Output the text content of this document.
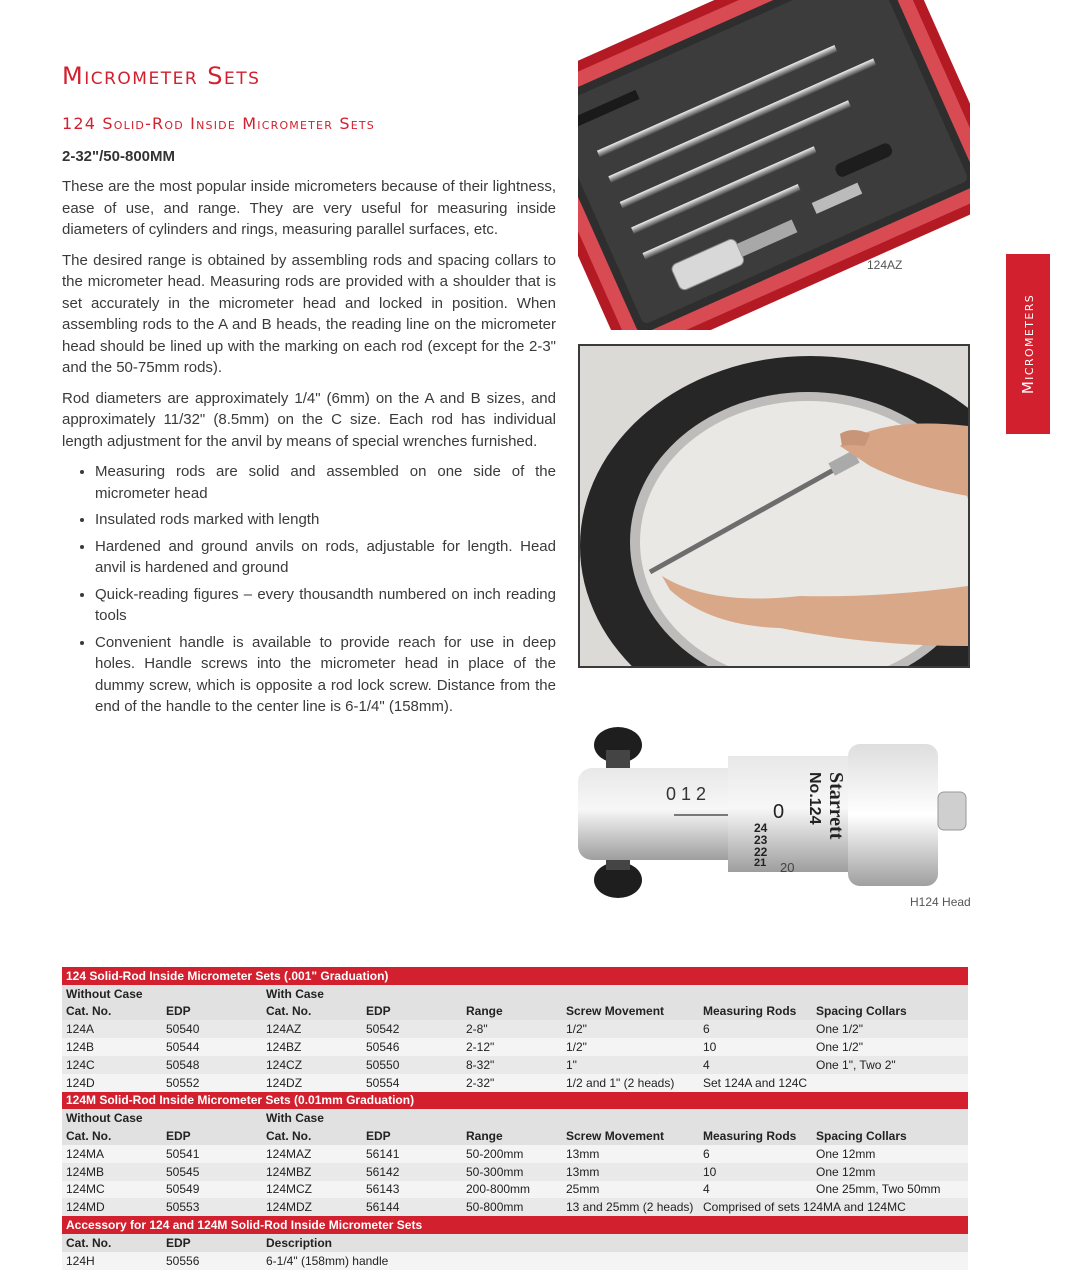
Micrometer Sets
124 Solid-Rod Inside Micrometer Sets
2-32"/50-800MM

These are the most popular inside micrometers because of their lightness, ease of use, and range. They are very useful for measuring inside diameters of cylinders and rings, measuring parallel surfaces, etc.

The desired range is obtained by assembling rods and spacing collars to the micrometer head. Measuring rods are provided with a shoulder that is set accurately in the micrometer head and locked in position. When assembling rods to the A and B heads, the reading line on the micrometer head should be lined up with the marking on each rod (except for the 2-3" and the 50-75mm rods).

Rod diameters are approximately 1/4" (6mm) on the A and B sizes, and approximately 11/32" (8.5mm) on the C size. Each rod has individual length adjustment for the anvil by means of special wrenches furnished.

• Measuring rods are solid and assembled on one side of the micrometer head
• Insulated rods marked with length
• Hardened and ground anvils on rods, adjustable for length. Head anvil is hardened and ground
• Quick-reading figures – every thousandth numbered on inch reading tools
• Convenient handle is available to provide reach for use in deep holes. Handle screws into the micrometer head in place of the dummy screw, which is opposite a rod lock screw. Distance from the end of the handle to the center line is 6-1/4" (158mm).
Micrometers
124AZ
0 1 2
0
24
23
22
21 20
Starrett
No.124
H124 Head
124 Solid-Rod Inside Micrometer Sets (.001" Graduation)							
Without Case		With Case					
Cat. No.	EDP	Cat. No.	EDP	Range	Screw Movement	Measuring Rods	Spacing Collars
124A	50540	124AZ	50542	2-8"	1/2"	6	One 1/2"
124B	50544	124BZ	50546	2-12"	1/2"	10	One 1/2"
124C	50548	124CZ	50550	8-32"	1"	4	One 1", Two 2"
124D	50552	124DZ	50554	2-32"	1/2 and 1" (2 heads)	Set 124A and 124C	
124M Solid-Rod Inside Micrometer Sets (0.01mm Graduation)							
Without Case		With Case					
Cat. No.	EDP	Cat. No.	EDP	Range	Screw Movement	Measuring Rods	Spacing Collars
124MA	50541	124MAZ	56141	50-200mm	13mm	6	One 12mm
124MB	50545	124MBZ	56142	50-300mm	13mm	10	One 12mm
124MC	50549	124MCZ	56143	200-800mm	25mm	4	One 25mm, Two 50mm
124MD	50553	124MDZ	56144	50-800mm	13 and 25mm (2 heads)	Comprised of sets 124MA and 124MC	
Accessory for 124 and 124M Solid-Rod Inside Micrometer Sets							
Cat. No.	EDP	Description					
124H	50556	6-1/4" (158mm) handle					
